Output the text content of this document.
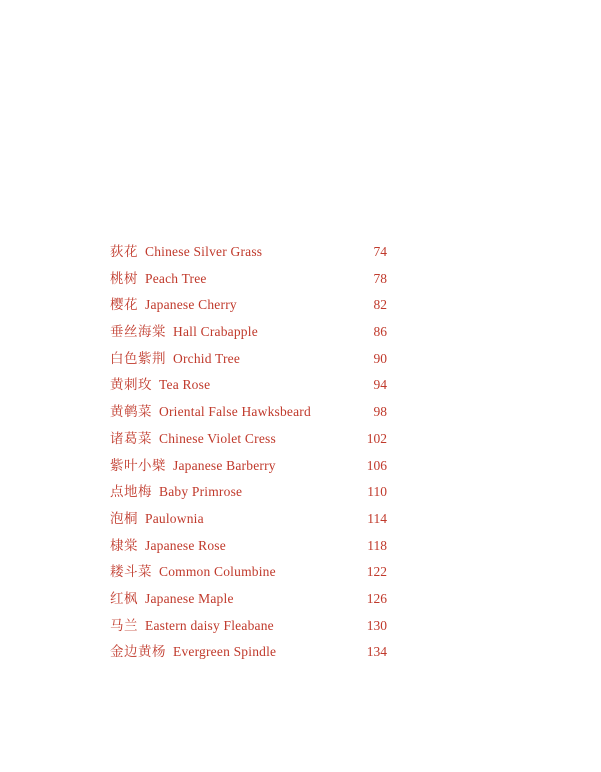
荻花 Chinese Silver Grass	74
桃树 Peach Tree	78
樱花 Japanese Cherry	82
垂丝海棠 Hall Crabapple	86
白色紫荆 Orchid Tree	90
黄刺玫 Tea Rose	94
黄鹌菜 Oriental False Hawksbeard	98
诸葛菜 Chinese Violet Cress	102
紫叶小檗 Japanese Barberry	106
点地梅 Baby Primrose	110
泡桐 Paulownia	114
棣棠 Japanese Rose	118
耧斗菜 Common Columbine	122
红枫 Japanese Maple	126
马兰 Eastern daisy Fleabane	130
金边黄杨 Evergreen Spindle	134
